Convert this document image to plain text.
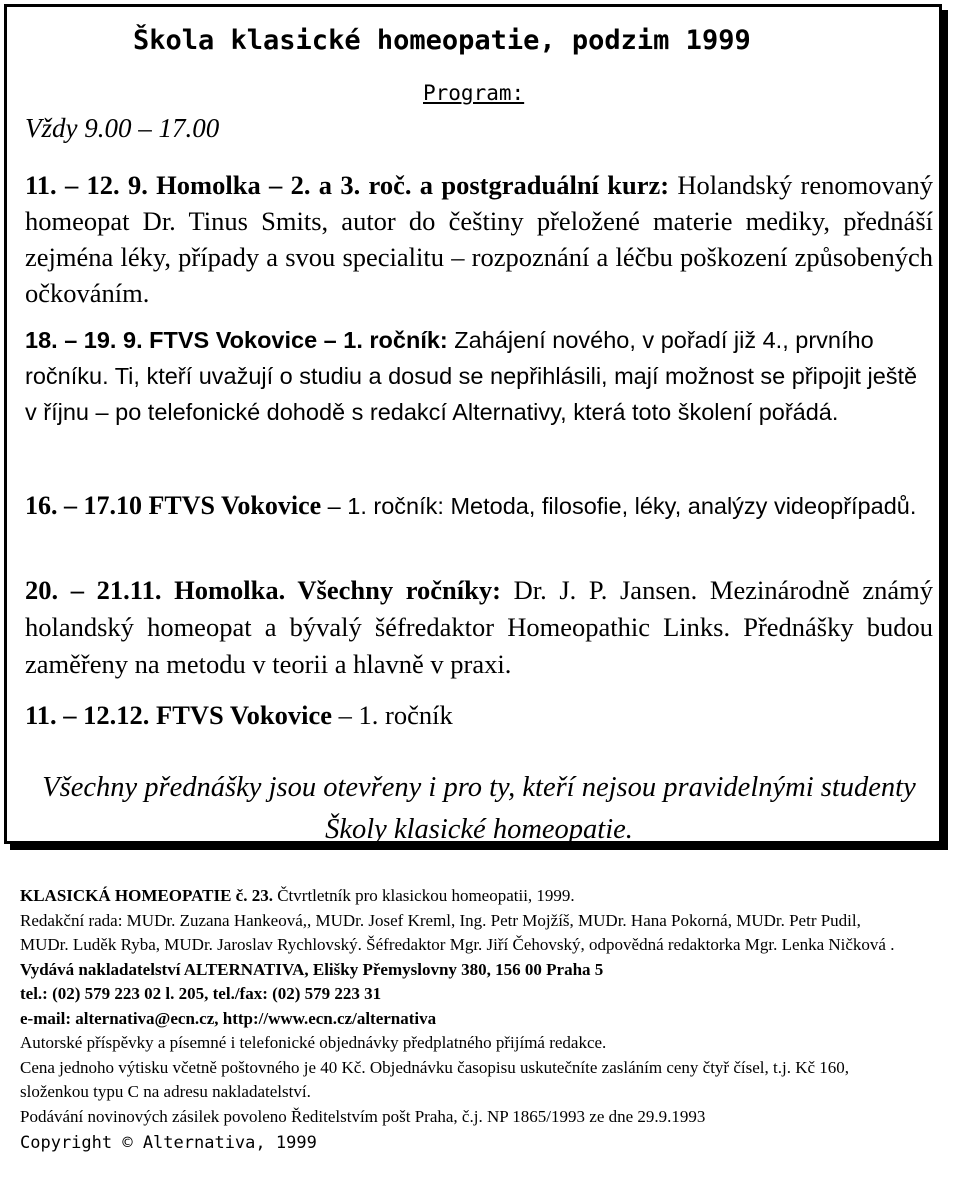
Škola klasické homeopatie, podzim 1999
Program:
Vždy 9.00 – 17.00

11. – 12. 9. Homolka – 2. a 3. roč. a postgraduální kurz: Holandský renomovaný homeopat Dr. Tinus Smits, autor do češtiny přeložené materie mediky, přednáší zejména léky, případy a svou specialitu – rozpoznání a léčbu poškození způsobených očkováním.

18. – 19. 9. FTVS Vokovice – 1. ročník: Zahájení nového, v pořadí již 4., prvního ročníku. Ti, kteří uvažují o studiu a dosud se nepřihlásili, mají možnost se připojit ještě v říjnu – po telefonické dohodě s redakcí Alternativy, která toto školení pořádá.

16. – 17.10 FTVS Vokovice – 1. ročník: Metoda, filosofie, léky, analýzy videopřípadů.

20. – 21.11. Homolka. Všechny ročníky: Dr. J. P. Jansen. Mezinárodně známý holandský homeopat a bývalý šéfredaktor Homeopathic Links. Přednášky budou zaměřeny na metodu v teorii a hlavně v praxi.

11. – 12.12. FTVS Vokovice – 1. ročník

Všechny přednášky jsou otevřeny i pro ty, kteří nejsou pravidelnými studenty Školy klasické homeopatie.

KLASICKÁ HOMEOPATIE č. 23. Čtvrtletník pro klasickou homeopatii, 1999.
Redakční rada: MUDr. Zuzana Hankeová,, MUDr. Josef Kreml, Ing. Petr Mojžíš, MUDr. Hana Pokorná, MUDr. Petr Pudil, MUDr. Luděk Ryba, MUDr. Jaroslav Rychlovský. Šéfredaktor Mgr. Jiří Čehovský, odpovědná redaktorka Mgr. Lenka Ničková .
Vydává nakladatelství ALTERNATIVA, Elišky Přemyslovny 380, 156 00 Praha 5
tel.: (02) 579 223 02 l. 205, tel./fax: (02) 579 223 31
e-mail: alternativa@ecn.cz, http://www.ecn.cz/alternativa
Autorské příspěvky a písemné i telefonické objednávky předplatného přijímá redakce.
Cena jednoho výtisku včetně poštovného je 40 Kč. Objednávku časopisu uskutečníte zasláním ceny čtyř čísel, t.j. Kč 160, složenkou typu C na adresu nakladatelství.
Podávání novinových zásilek povoleno Ředitelstvím pošt Praha, č.j. NP 1865/1993 ze dne 29.9.1993
Copyright © Alternativa, 1999
